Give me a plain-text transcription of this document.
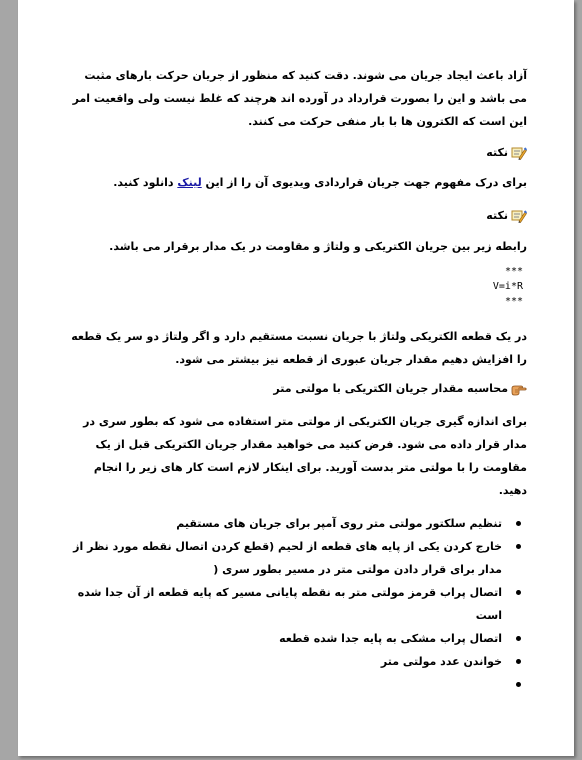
آزاد باعث ایجاد جریان می شوند. دقت کنید که منظور از جریان حرکت بارهای مثبت می باشد و این را بصورت قرارداد در آورده اند هرچند که غلط نیست ولی واقعیت امر این است که الکترون ها با بار منفی حرکت می کنند.

نکته

برای درک مفهوم جهت جریان قراردادی ویدیوی آن را از این لینک دانلود کنید.

نکته

رابطه زیر بین جریان الکتریکی و ولتاژ و مقاومت در یک مدار برقرار می باشد.

***
V=i*R
***

در یک قطعه الکتریکی ولتاژ با جریان نسبت مستقیم دارد و اگر ولتاژ دو سر یک قطعه را افزایش دهیم مقدار جریان عبوری از قطعه نیز بیشتر می شود.

محاسبه مقدار جریان الکتریکی با مولتی متر

برای اندازه گیری جریان الکتریکی از مولتی متر استفاده می شود که بطور سری در مدار قرار داده می شود. فرض کنید می خواهید مقدار جریان الکتریکی قبل از یک مقاومت را با مولتی متر بدست آورید. برای اینکار لازم است کار های زیر را انجام دهید.

تنظیم سلکتور مولتی متر روی آمپر برای جریان های مستقیم
خارج کردن یکی از پایه های قطعه از لحیم (قطع کردن اتصال نقطه مورد نظر از مدار برای قرار دادن مولتی متر در مسیر بطور سری (
اتصال پراب قرمز مولتی متر به نقطه پایانی مسیر که پایه قطعه از آن جدا شده است
اتصال پراب مشکی به پایه جدا شده قطعه
خواندن عدد مولتی متر
